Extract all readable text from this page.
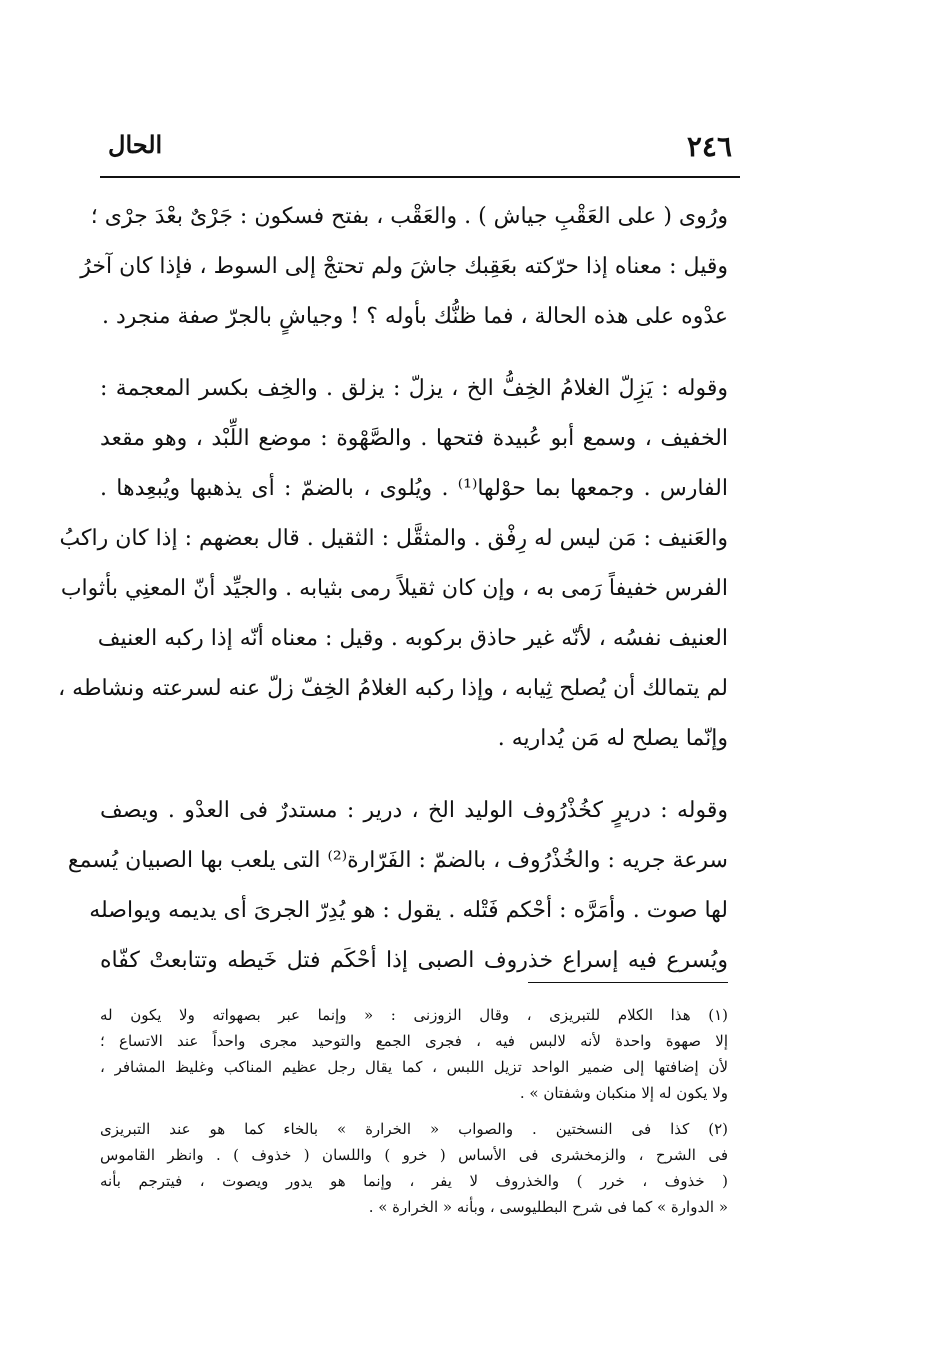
٢٤٦
الحال
ورُوى ( على العَقْبِ جياش ) . والعَقْب ، بفتح فسكون : جَرْىٌ بعْدَ جرْى ؛
وقيل : معناه إذا حرّكته بعَقِبك جاشَ ولم تحتجْ إلى السوط ، فإذا كان آخرُ
عدْوه على هذه الحالة ، فما ظنُّك بأوله ؟ ! وجياشٍ بالجرّ صفة منجرد .
وقوله : يَزِلّ الغلامُ الخِفُّ الخ ، يزلّ : يزلق . والخِف بكسر المعجمة :
الخفيف ، وسمع أبو عُبيدة فتحها . والصَّهْوة : موضع اللِّبْد ، وهو مقعد
الفارس . وجمعها بما حوْلها⁽¹⁾ . ويُلوى ، بالضمّ : أى يذهبها ويُبعِدها .
والعَنيف : مَن ليس له رِفْق . والمثقَّل : الثقيل . قال بعضهم : إذا كان راكبُ
الفرس خفيفاً رَمى به ، وإن كان ثقيلاً رمى بثيابه . والجيِّد أنّ المعنِي بأثواب
العنيف نفسُه ، لأنّه غير حاذق بركوبه . وقيل : معناه أنّه إذا ركبه العنيف
لم يتمالك أن يُصلح ثِيابه ، وإذا ركبه الغلامُ الخِفّ زلّ عنه لسرعته ونشاطه ،
وإنّما يصلح له مَن يُداريه .
وقوله : دريرٍ كخُذْرُوف الوليد الخ ، درير : مستدرٌ فى العدْو . ويصف
سرعة جريه : والخُذْرُوف ، بالضمّ : الفَرّارة⁽²⁾ التى يلعب بها الصبيان يُسمع
لها صوت . وأمَرَّه : أحْكم فَتْله . يقول : هو يُدِرّ الجرىَ أى يديمه ويواصله
ويُسرع فيه إسراع خذروف الصبى إذا أحْكَم فتل خَيطه وتتابعتْ كفّاه
(١) هذا الكلام للتبريزى ، وقال الزوزنى : « وإنما عبر بصهواته ولا يكون له
إلا صهوة واحدة لأنه لالبس فيه ، فجرى الجمع والتوحيد مجرى واحداً عند الاتساع ؛
لأن إضافتها إلى ضمير الواحد تزيل اللبس ، كما يقال رجل عظيم المناكب وغليظ المشافر ،
ولا يكون له إلا منكبان وشفتان » .
(٢) كذا فى النسختين . والصواب « الخرارة » بالخاء كما هو عند التبريزى
فى الشرح ، والزمخشرى فى الأساس ( خرو ) واللسان ( خذوف ) . وانظر القاموس
( خذوف ، خرر ) والخذروف لا يفر ، وإنما هو يدور ويصوت ، فيترجم بأنه
« الدوارة » كما فى شرح البطليوسى ، وبأنه « الخرارة » .
